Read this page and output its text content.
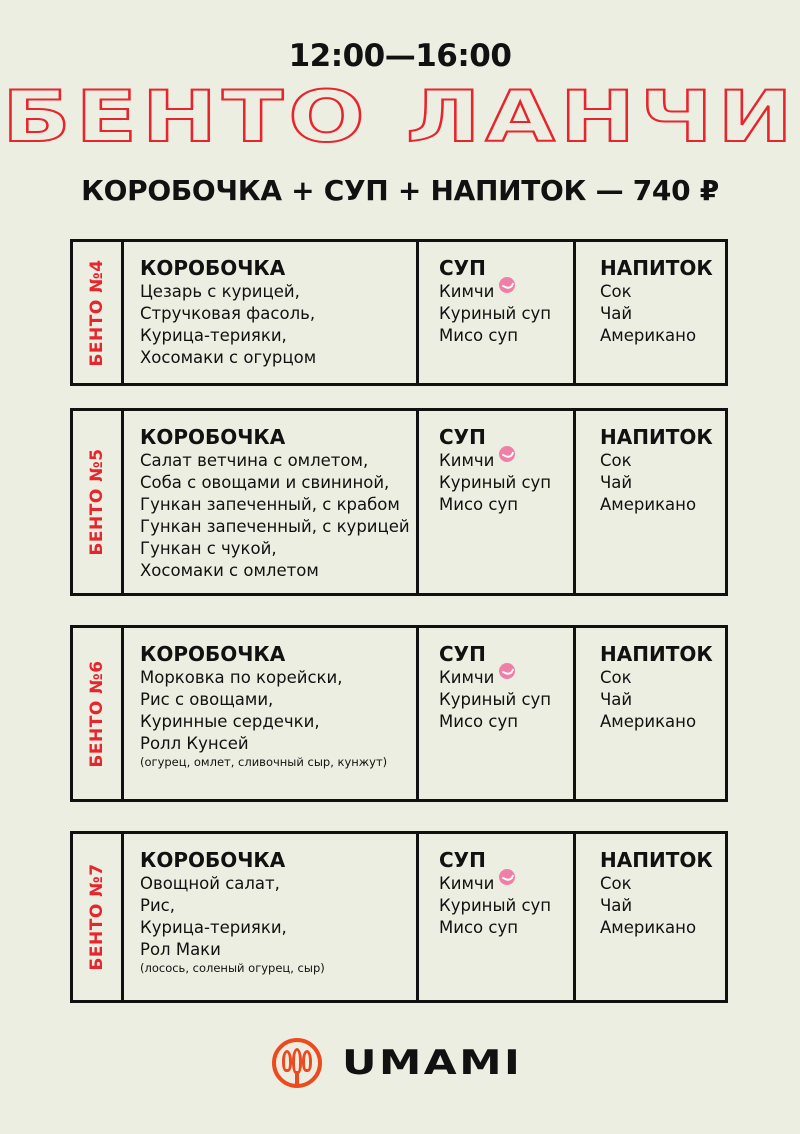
12:00—16:00
БЕНТО ЛАНЧИ
КОРОБОЧКА + СУП + НАПИТОК — 740 ₽
БЕНТО №4 КОРОБОЧКА
Цезарь с курицей,
Стручковая фасоль,
Курица-терияки,
Хосомаки с огурцом
СУП
Кимчи
Куриный суп
Мисо суп
НАПИТОК
Сок
Чай
Американо
БЕНТО №5
КОРОБОЧКА
Салат ветчина с омлетом,
Соба с овощами и свининой,
Гункан запеченный, с крабом
Гункан запеченный, с курицей
Гункан с чукой,
Хосомаки с омлетом
СУП
Кимчи
Куриный суп
Мисо суп
НАПИТОК
Сок
Чай
Американо
БЕНТО №6
КОРОБОЧКА
Морковка по корейски,
Рис с овощами,
Куринные сердечки,
Ролл Кунсей
(огурец, омлет, сливочный сыр, кунжут)
СУП
Кимчи
Куриный суп
Мисо суп
НАПИТОК
Сок
Чай
Американо
БЕНТО №7
КОРОБОЧКА
Овощной салат,
Рис,
Курица-терияки,
Рол Маки
(лосось, соленый огурец, сыр)
СУП
Кимчи
Куриный суп
Мисо суп
НАПИТОК
Сок
Чай
Американо
UMAMI
